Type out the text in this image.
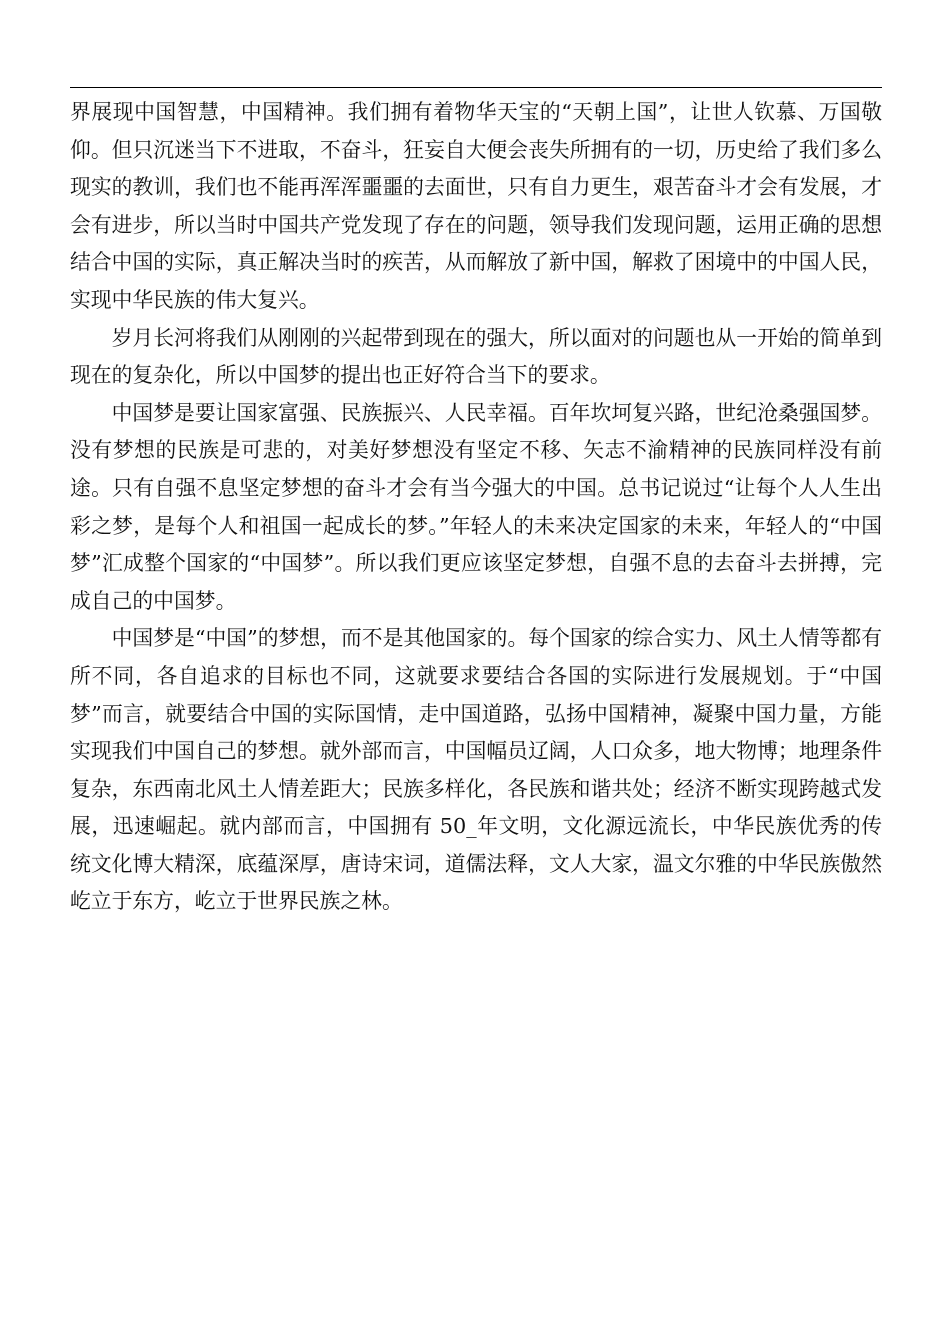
界展现中国智慧，中国精神。我们拥有着物华天宝的“天朝上国”，让世人钦慕、万国敬仰。但只沉迷当下不进取，不奋斗，狂妄自大便会丧失所拥有的一切，历史给了我们多么现实的教训，我们也不能再浑浑噩噩的去面世，只有自力更生，艰苦奋斗才会有发展，才会有进步，所以当时中国共产党发现了存在的问题，领导我们发现问题，运用正确的思想结合中国的实际，真正解决当时的疾苦，从而解放了新中国，解救了困境中的中国人民，实现中华民族的伟大复兴。

岁月长河将我们从刚刚的兴起带到现在的强大，所以面对的问题也从一开始的简单到现在的复杂化，所以中国梦的提出也正好符合当下的要求。

中国梦是要让国家富强、民族振兴、人民幸福。百年坎坷复兴路，世纪沧桑强国梦。没有梦想的民族是可悲的，对美好梦想没有坚定不移、矢志不渝精神的民族同样没有前途。只有自强不息坚定梦想的奋斗才会有当今强大的中国。总书记说过“让每个人人生出彩之梦，是每个人和祖国一起成长的梦。”年轻人的未来决定国家的未来，年轻人的“中国梦”汇成整个国家的“中国梦”。所以我们更应该坚定梦想，自强不息的去奋斗去拼搏，完成自己的中国梦。

中国梦是“中国”的梦想，而不是其他国家的。每个国家的综合实力、风土人情等都有所不同，各自追求的目标也不同，这就要求要结合各国的实际进行发展规划。于“中国梦”而言，就要结合中国的实际国情，走中国道路，弘扬中国精神，凝聚中国力量，方能实现我们中国自己的梦想。就外部而言，中国幅员辽阔，人口众多，地大物博；地理条件复杂，东西南北风土人情差距大；民族多样化，各民族和谐共处；经济不断实现跨越式发展，迅速崛起。就内部而言，中国拥有 50_年文明，文化源远流长，中华民族优秀的传统文化博大精深，底蕴深厚，唐诗宋词，道儒法释，文人大家，温文尔雅的中华民族傲然屹立于东方，屹立于世界民族之林。
